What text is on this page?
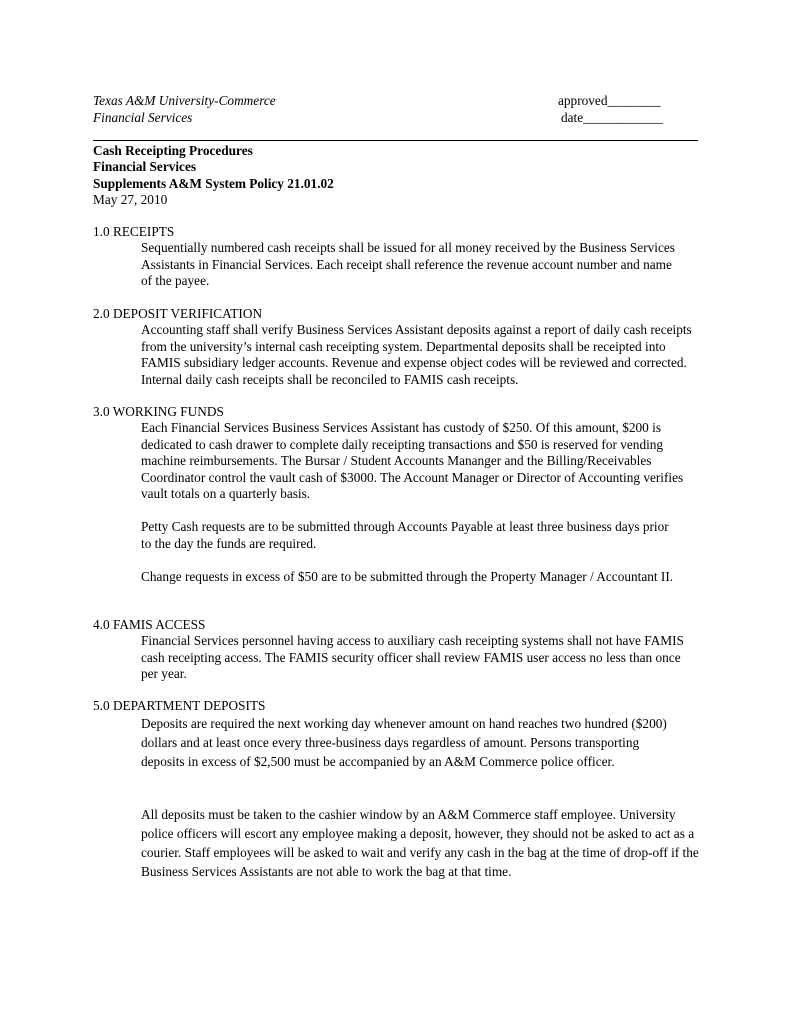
Texas A&M University-Commerce
Financial Services
approved________
date____________
Cash Receipting Procedures
Financial Services
Supplements A&M System Policy 21.01.02
May 27, 2010
1.0 RECEIPTS
Sequentially numbered cash receipts shall be issued for all money received by the Business Services Assistants in Financial Services. Each receipt shall reference the revenue account number and name of the payee.
2.0 DEPOSIT VERIFICATION
Accounting staff shall verify Business Services Assistant deposits against a report of daily cash receipts from the university’s internal cash receipting system. Departmental deposits shall be receipted into FAMIS subsidiary ledger accounts. Revenue and expense object codes will be reviewed and corrected. Internal daily cash receipts shall be reconciled to FAMIS cash receipts.
3.0 WORKING FUNDS
Each Financial Services Business Services Assistant has custody of $250. Of this amount, $200 is dedicated to cash drawer to complete daily receipting transactions and $50 is reserved for vending machine reimbursements. The Bursar / Student Accounts Mananger and the Billing/Receivables Coordinator control the vault cash of $3000. The Account Manager or Director of Accounting verifies vault totals on a quarterly basis.
Petty Cash requests are to be submitted through Accounts Payable at least three business days prior to the day the funds are required.
Change requests in excess of $50 are to be submitted through the Property Manager / Accountant II.
4.0 FAMIS ACCESS
Financial Services personnel having access to auxiliary cash receipting systems shall not have FAMIS cash receipting access. The FAMIS security officer shall review FAMIS user access no less than once per year.
5.0 DEPARTMENT DEPOSITS
Deposits are required the next working day whenever amount on hand reaches two hundred ($200) dollars and at least once every three-business days regardless of amount. Persons transporting deposits in excess of $2,500 must be accompanied by an A&M Commerce police officer.
All deposits must be taken to the cashier window by an A&M Commerce staff employee. University police officers will escort any employee making a deposit, however, they should not be asked to act as a courier. Staff employees will be asked to wait and verify any cash in the bag at the time of drop-off if the Business Services Assistants are not able to work the bag at that time.
